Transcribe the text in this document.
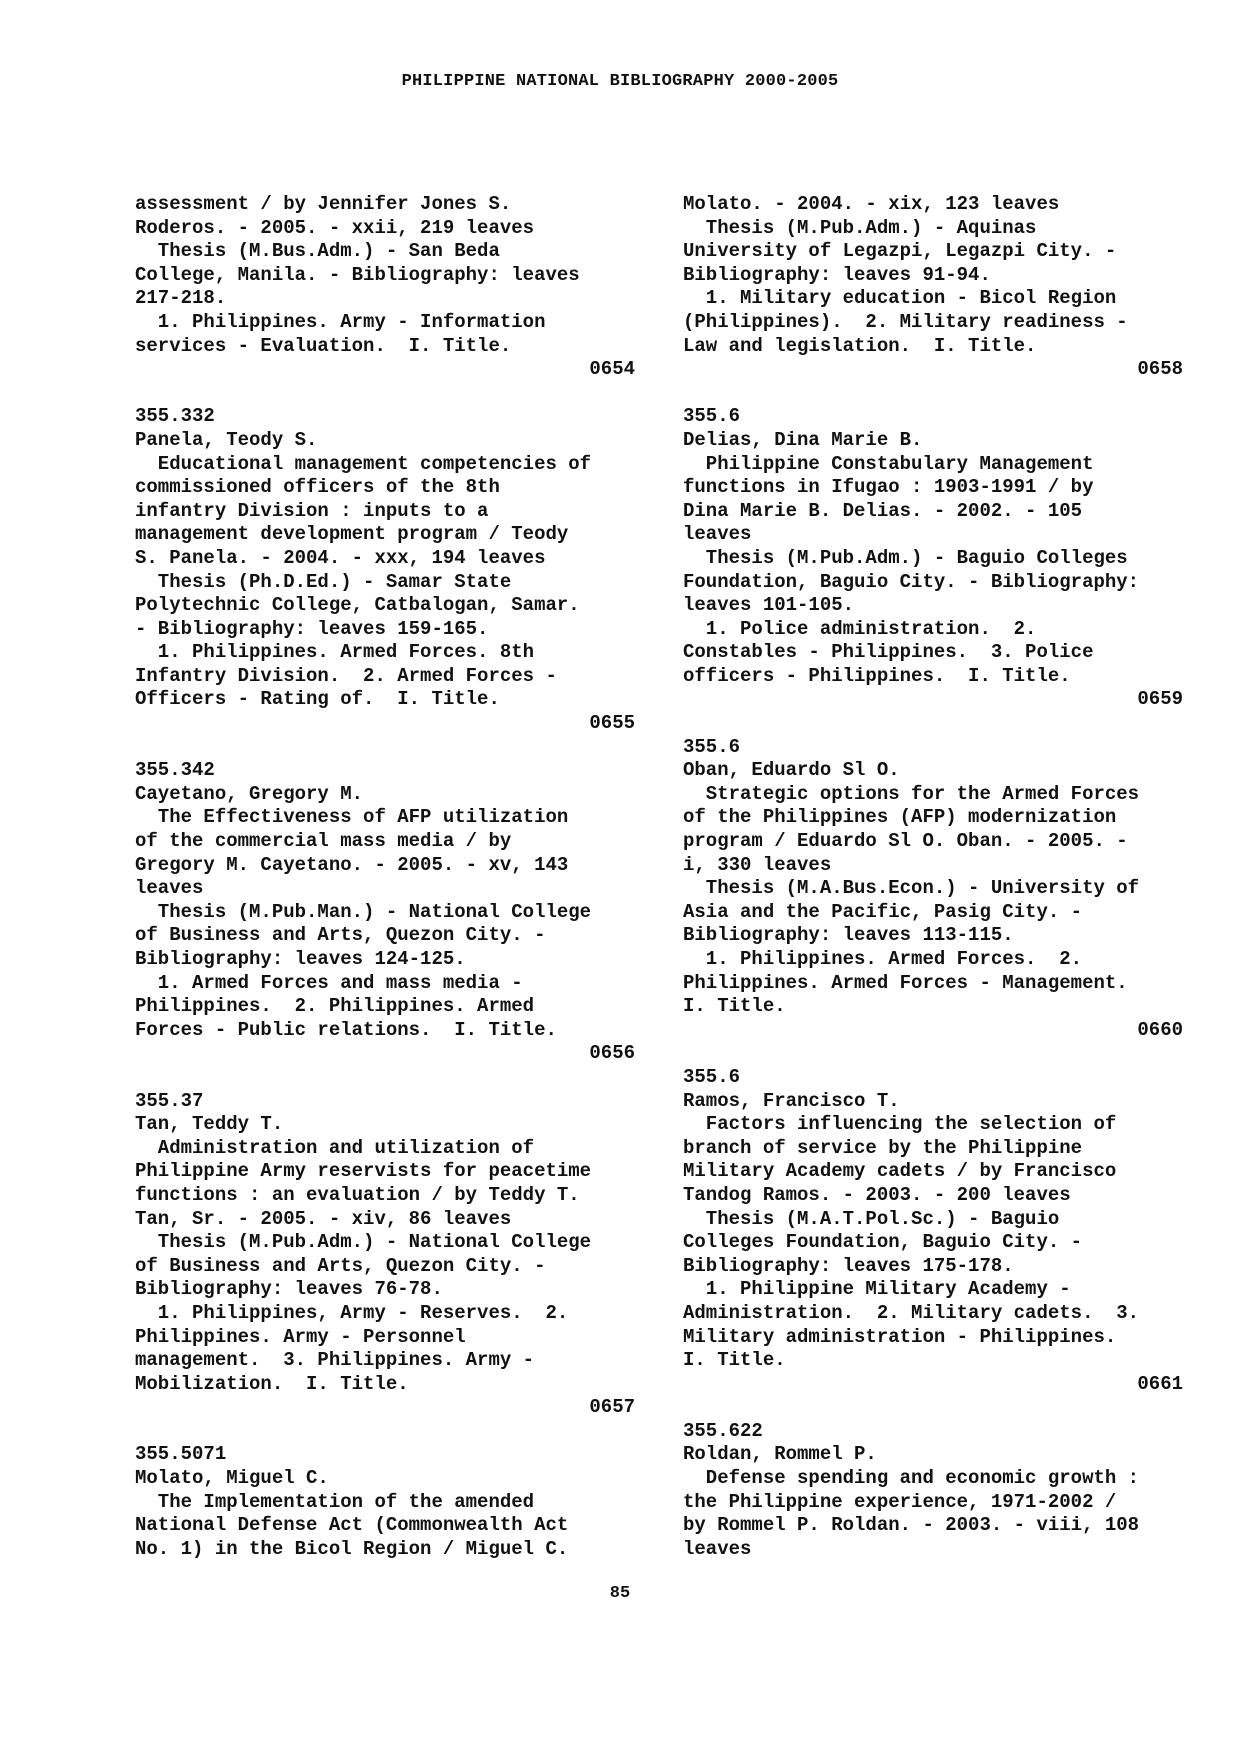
PHILIPPINE NATIONAL BIBLIOGRAPHY 2000-2005
assessment / by Jennifer Jones S.
Roderos. - 2005. - xxii, 219 leaves
Thesis (M.Bus.Adm.) - San Beda
College, Manila. - Bibliography: leaves
217-218.
1. Philippines. Army - Information
services - Evaluation.  I. Title.
0654
355.332
Panela, Teody S.
Educational management competencies of
commissioned officers of the 8th
infantry Division : inputs to a
management development program / Teody
S. Panela. - 2004. - xxx, 194 leaves
Thesis (Ph.D.Ed.) - Samar State
Polytechnic College, Catbalogan, Samar.
- Bibliography: leaves 159-165.
1. Philippines. Armed Forces. 8th
Infantry Division.  2. Armed Forces -
Officers - Rating of.  I. Title.
0655
355.342
Cayetano, Gregory M.
The Effectiveness of AFP utilization
of the commercial mass media / by
Gregory M. Cayetano. - 2005. - xv, 143
leaves
Thesis (M.Pub.Man.) - National College
of Business and Arts, Quezon City. -
Bibliography: leaves 124-125.
1. Armed Forces and mass media -
Philippines.  2. Philippines. Armed
Forces - Public relations.  I. Title.
0656
355.37
Tan, Teddy T.
Administration and utilization of
Philippine Army reservists for peacetime
functions : an evaluation / by Teddy T.
Tan, Sr. - 2005. - xiv, 86 leaves
Thesis (M.Pub.Adm.) - National College
of Business and Arts, Quezon City. -
Bibliography: leaves 76-78.
1. Philippines, Army - Reserves.  2.
Philippines. Army - Personnel
management.  3. Philippines. Army -
Mobilization.  I. Title.
0657
355.5071
Molato, Miguel C.
The Implementation of the amended
National Defense Act (Commonwealth Act
No. 1) in the Bicol Region / Miguel C.
Molato. - 2004. - xix, 123 leaves
Thesis (M.Pub.Adm.) - Aquinas
University of Legazpi, Legazpi City. -
Bibliography: leaves 91-94.
1. Military education - Bicol Region
(Philippines).  2. Military readiness -
Law and legislation.  I. Title.
0658
355.6
Delias, Dina Marie B.
Philippine Constabulary Management
functions in Ifugao : 1903-1991 / by
Dina Marie B. Delias. - 2002. - 105
leaves
Thesis (M.Pub.Adm.) - Baguio Colleges
Foundation, Baguio City. - Bibliography:
leaves 101-105.
1. Police administration.  2.
Constables - Philippines.  3. Police
officers - Philippines.  I. Title.
0659
355.6
Oban, Eduardo Sl O.
Strategic options for the Armed Forces
of the Philippines (AFP) modernization
program / Eduardo Sl O. Oban. - 2005. -
i, 330 leaves
Thesis (M.A.Bus.Econ.) - University of
Asia and the Pacific, Pasig City. -
Bibliography: leaves 113-115.
1. Philippines. Armed Forces.  2.
Philippines. Armed Forces - Management.
I. Title.
0660
355.6
Ramos, Francisco T.
Factors influencing the selection of
branch of service by the Philippine
Military Academy cadets / by Francisco
Tandog Ramos. - 2003. - 200 leaves
Thesis (M.A.T.Pol.Sc.) - Baguio
Colleges Foundation, Baguio City. -
Bibliography: leaves 175-178.
1. Philippine Military Academy -
Administration.  2. Military cadets.  3.
Military administration - Philippines.
I. Title.
0661
355.622
Roldan, Rommel P.
Defense spending and economic growth :
the Philippine experience, 1971-2002 /
by Rommel P. Roldan. - 2003. - viii, 108
leaves
85
